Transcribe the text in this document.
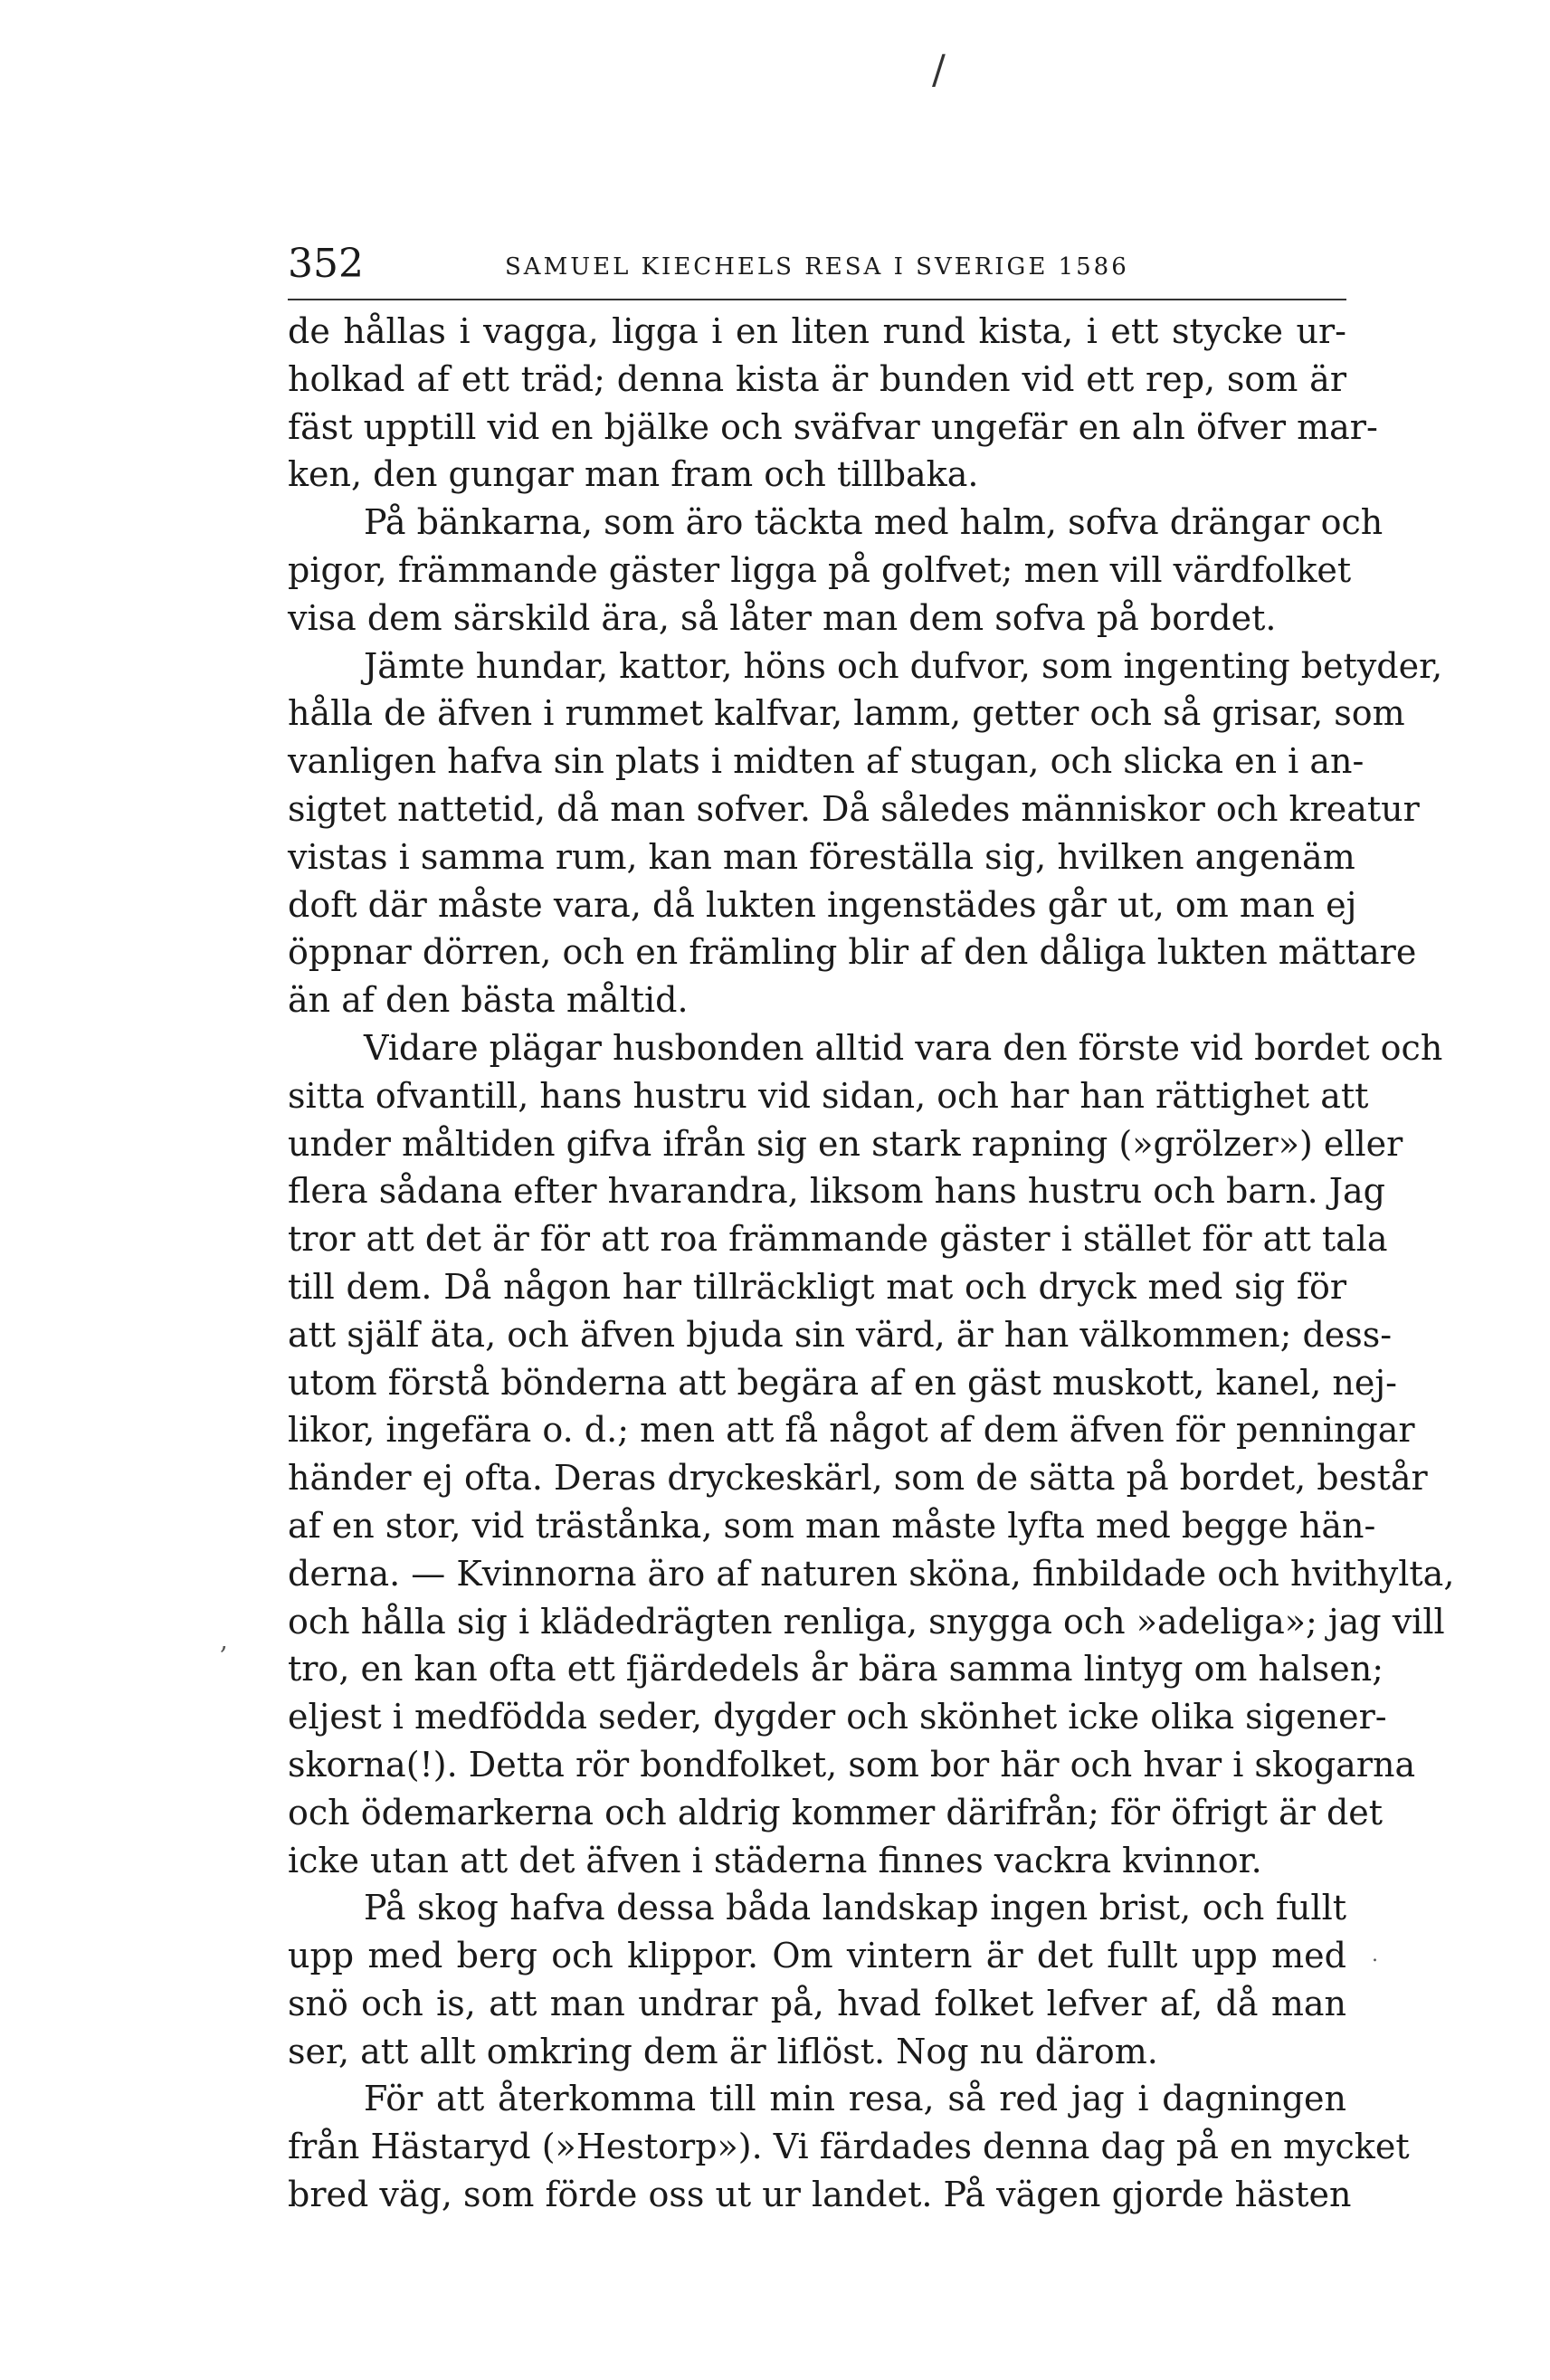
/
352	SAMUEL KIECHELS RESA I SVERIGE 1586
,
.
de hållas i vagga, ligga i en liten rund kista, i ett stycke ur-
holkad af ett träd; denna kista är bunden vid ett rep, som är
fäst upptill vid en bjälke och sväfvar ungefär en aln öfver mar-
ken, den gungar man fram och tillbaka.
På bänkarna, som äro täckta med halm, sofva drängar och
pigor, främmande gäster ligga på golfvet; men vill värdfolket
visa dem särskild ära, så låter man dem sofva på bordet.
Jämte hundar, kattor, höns och dufvor, som ingenting betyder,
hålla de äfven i rummet kalfvar, lamm, getter och så grisar, som
vanligen hafva sin plats i midten af stugan, och slicka en i an-
sigtet nattetid, då man sofver. Då således människor och kreatur
vistas i samma rum, kan man föreställa sig, hvilken angenäm
doft där måste vara, då lukten ingenstädes går ut, om man ej
öppnar dörren, och en främling blir af den dåliga lukten mättare
än af den bästa måltid.
Vidare plägar husbonden alltid vara den förste vid bordet och
sitta ofvantill, hans hustru vid sidan, och har han rättighet att
under måltiden gifva ifrån sig en stark rapning (»grölzer») eller
flera sådana efter hvarandra, liksom hans hustru och barn. Jag
tror att det är för att roa främmande gäster i stället för att tala
till dem. Då någon har tillräckligt mat och dryck med sig för
att själf äta, och äfven bjuda sin värd, är han välkommen; dess-
utom förstå bönderna att begära af en gäst muskott, kanel, nej-
likor, ingefära o. d.; men att få något af dem äfven för penningar
händer ej ofta. Deras dryckeskärl, som de sätta på bordet, består
af en stor, vid trästånka, som man måste lyfta med begge hän-
derna. — Kvinnorna äro af naturen sköna, finbildade och hvithylta,
och hålla sig i klädedrägten renliga, snygga och »adeliga»; jag vill
tro, en kan ofta ett fjärdedels år bära samma lintyg om halsen;
eljest i medfödda seder, dygder och skönhet icke olika sigener-
skorna(!). Detta rör bondfolket, som bor här och hvar i skogarna
och ödemarkerna och aldrig kommer därifrån; för öfrigt är det
icke utan att det äfven i städerna finnes vackra kvinnor.
På skog hafva dessa båda landskap ingen brist, och fullt
upp med berg och klippor. Om vintern är det fullt upp med
snö och is, att man undrar på, hvad folket lefver af, då man
ser, att allt omkring dem är liflöst. Nog nu därom.
För att återkomma till min resa, så red jag i dagningen
från Hästaryd (»Hestorp»). Vi färdades denna dag på en mycket
bred väg, som förde oss ut ur landet. På vägen gjorde hästen
